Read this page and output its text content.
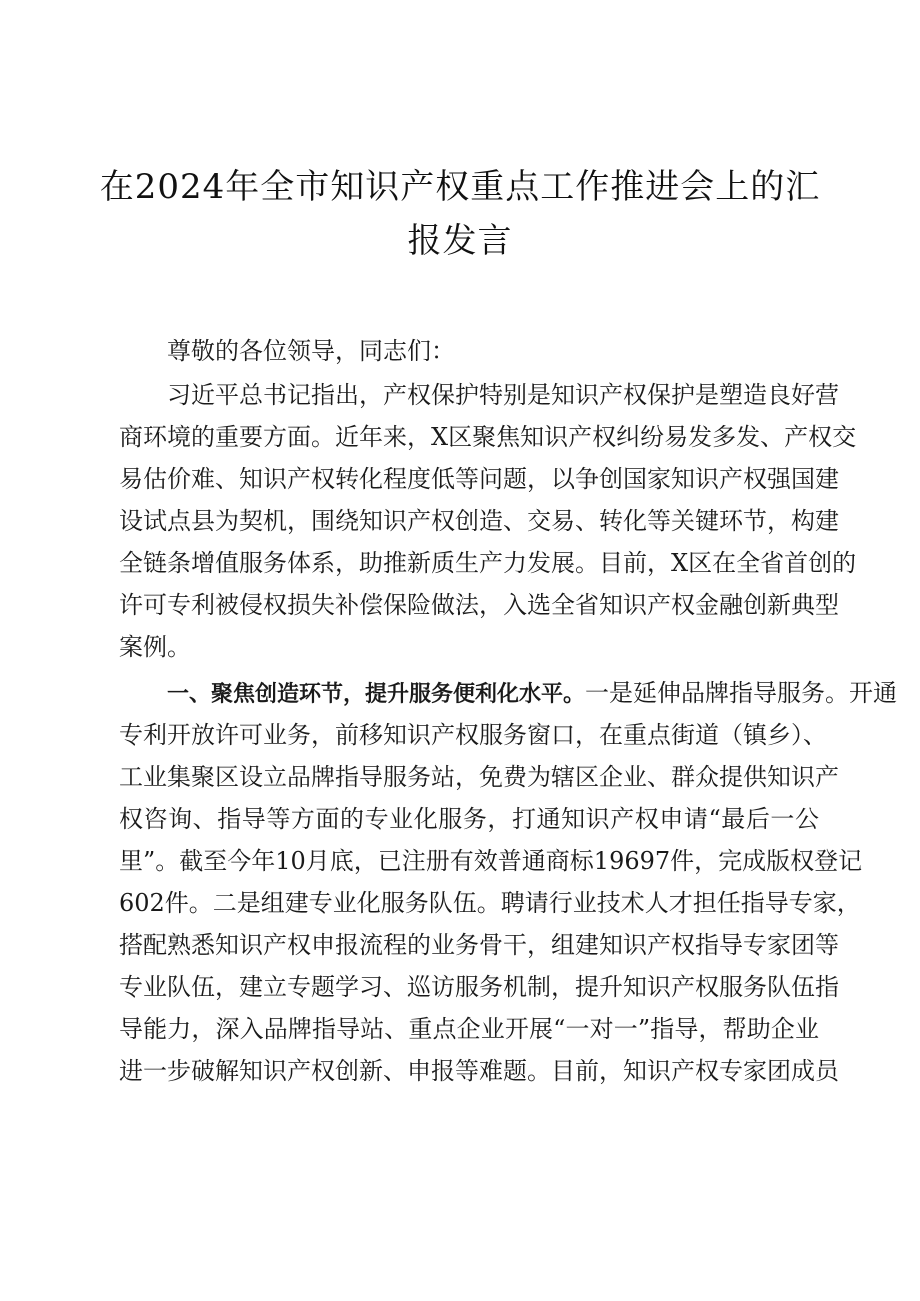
在2024年全市知识产权重点工作推进会上的汇
报发言
尊敬的各位领导，同志们：
习近平总书记指出，产权保护特别是知识产权保护是塑造良好营
商环境的重要方面。近年来，X区聚焦知识产权纠纷易发多发、产权交
易估价难、知识产权转化程度低等问题，以争创国家知识产权强国建
设试点县为契机，围绕知识产权创造、交易、转化等关键环节，构建
全链条增值服务体系，助推新质生产力发展。目前，X区在全省首创的
许可专利被侵权损失补偿保险做法，入选全省知识产权金融创新典型
案例。
一、聚焦创造环节，提升服务便利化水平。一是延伸品牌指导服务。开通
专利开放许可业务，前移知识产权服务窗口，在重点街道（镇乡）、
工业集聚区设立品牌指导服务站，免费为辖区企业、群众提供知识产
权咨询、指导等方面的专业化服务，打通知识产权申请“最后一公
里”。截至今年10月底，已注册有效普通商标19697件，完成版权登记
602件。二是组建专业化服务队伍。聘请行业技术人才担任指导专家，
搭配熟悉知识产权申报流程的业务骨干，组建知识产权指导专家团等
专业队伍，建立专题学习、巡访服务机制，提升知识产权服务队伍指
导能力，深入品牌指导站、重点企业开展“一对一”指导，帮助企业
进一步破解知识产权创新、申报等难题。目前，知识产权专家团成员
